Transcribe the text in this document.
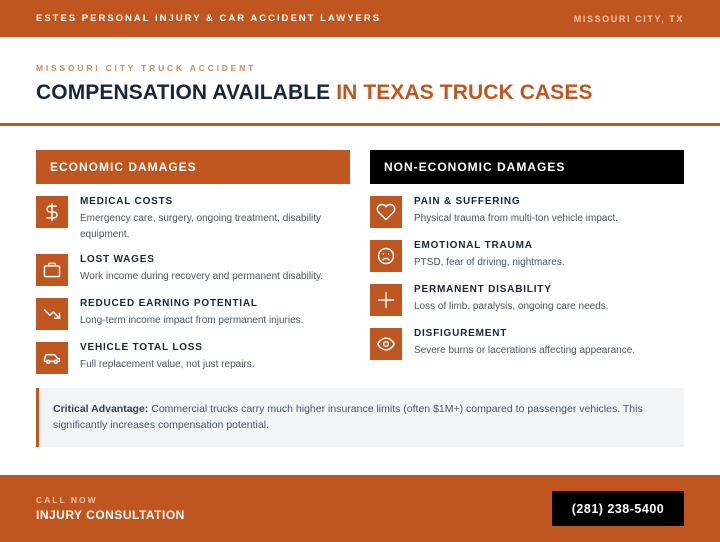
ESTES PERSONAL INJURY & CAR ACCIDENT LAWYERS	MISSOURI CITY, TX
MISSOURI CITY TRUCK ACCIDENT
COMPENSATION AVAILABLE IN TEXAS TRUCK CASES
ECONOMIC DAMAGES
MEDICAL COSTS
Emergency care, surgery, ongoing treatment, disability equipment.
LOST WAGES
Work income during recovery and permanent disability.
REDUCED EARNING POTENTIAL
Long-term income impact from permanent injuries.
VEHICLE TOTAL LOSS
Full replacement value, not just repairs.
NON-ECONOMIC DAMAGES
PAIN & SUFFERING
Physical trauma from multi-ton vehicle impact.
EMOTIONAL TRAUMA
PTSD, fear of driving, nightmares.
PERMANENT DISABILITY
Loss of limb, paralysis, ongoing care needs.
DISFIGUREMENT
Severe burns or lacerations affecting appearance.
Critical Advantage: Commercial trucks carry much higher insurance limits (often $1M+) compared to passenger vehicles. This significantly increases compensation potential.
CALL NOW
INJURY CONSULTATION	(281) 238-5400
